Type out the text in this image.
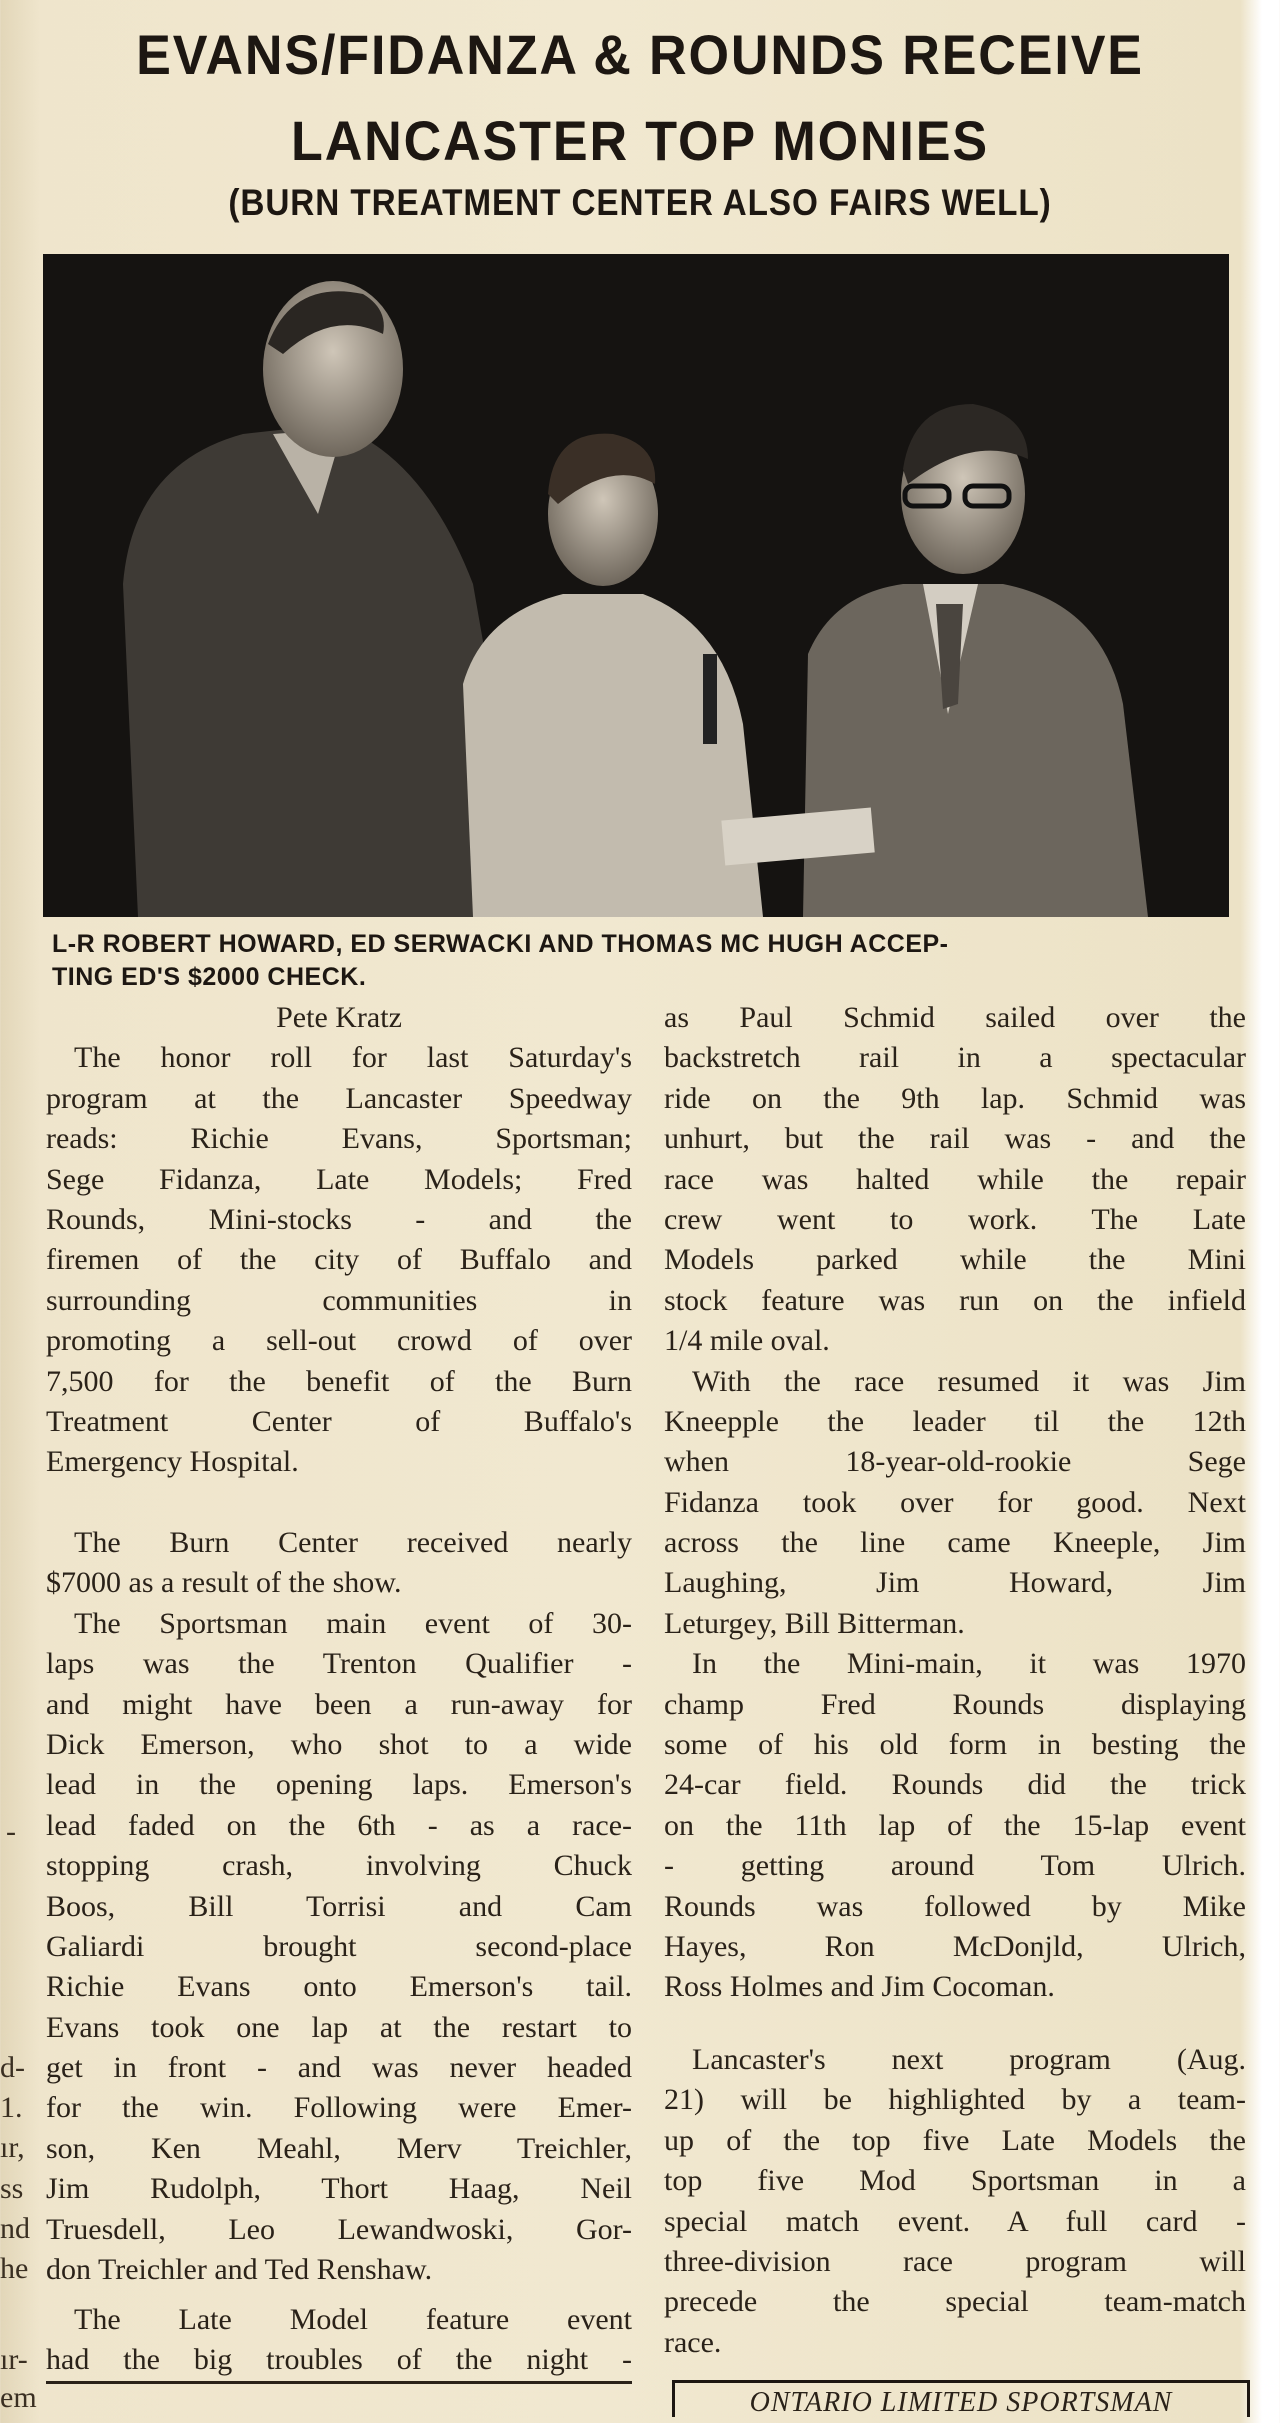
EVANS/FIDANZA & ROUNDS RECEIVE
LANCASTER TOP MONIES
(BURN TREATMENT CENTER ALSO FAIRS WELL)
L-R ROBERT HOWARD, ED SERWACKI AND THOMAS MC HUGH ACCEP-
TING ED'S $2000 CHECK.
Pete Kratz
The honor roll for last Saturday's
program at the Lancaster Speedway
reads: Richie Evans, Sportsman;
Sege Fidanza, Late Models; Fred
Rounds, Mini-stocks - and the
firemen of the city of Buffalo and
surrounding communities in
promoting a sell-out crowd of over
7,500 for the benefit of the Burn
Treatment Center of Buffalo's
Emergency Hospital.
The Burn Center received nearly
$7000 as a result of the show.
The Sportsman main event of 30-
laps was the Trenton Qualifier -
and might have been a run-away for
Dick Emerson, who shot to a wide
lead in the opening laps. Emerson's
lead faded on the 6th - as a race-
stopping crash, involving Chuck
Boos, Bill Torrisi and Cam
Galiardi brought second-place
Richie Evans onto Emerson's tail.
Evans took one lap at the restart to
get in front - and was never headed
for the win. Following were Emer-
son, Ken Meahl, Merv Treichler,
Jim Rudolph, Thort Haag, Neil
Truesdell, Leo Lewandwoski, Gor-
don Treichler and Ted Renshaw.
The Late Model feature event
had the big troubles of the night -
as Paul Schmid sailed over the
backstretch rail in a spectacular
ride on the 9th lap. Schmid was
unhurt, but the rail was - and the
race was halted while the repair
crew went to work. The Late
Models parked while the Mini
stock feature was run on the infield
1/4 mile oval.
With the race resumed it was Jim
Kneepple the leader til the 12th
when 18-year-old-rookie Sege
Fidanza took over for good. Next
across the line came Kneeple, Jim
Laughing, Jim Howard, Jim
Leturgey, Bill Bitterman.
In the Mini-main, it was 1970
champ Fred Rounds displaying
some of his old form in besting the
24-car field. Rounds did the trick
on the 11th lap of the 15-lap event
- getting around Tom Ulrich.
Rounds was followed by Mike
Hayes, Ron McDonjld, Ulrich,
Ross Holmes and Jim Cocoman.
Lancaster's next program (Aug.
21) will be highlighted by a team-
up of the top five Late Models the
top five Mod Sportsman in a
special match event. A full card -
three-division race program will
precede the special team-match
race.
-
d-
1.
ır,
ss
nd
he
ır-
em	ONTARIO LIMITED SPORTSMAN
